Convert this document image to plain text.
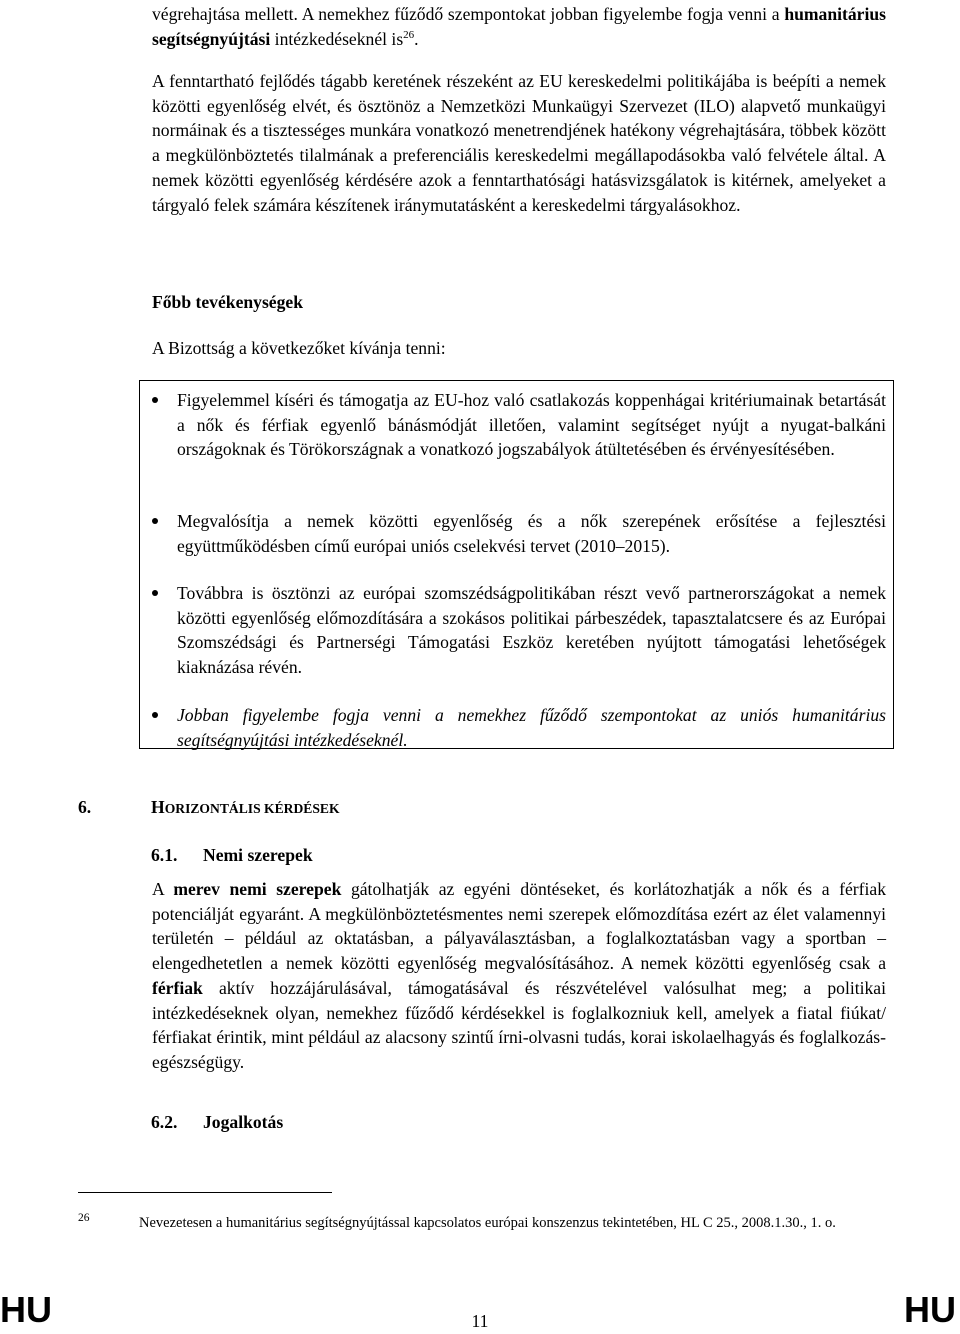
végrehajtása mellett. A nemekhez fűződő szempontokat jobban figyelembe fogja venni a humanitárius segítségnyújtási intézkedéseknél $is^{26}$.

A fenntartható fejlődés tágabb keretének részeként az EU kereskedelmi politikájába is beépíti a nemek közötti egyenlőség elvét, és ösztönöz a Nemzetközi Munkaügyi Szervezet (ILO) alapvető munkaügyi normáinak és a tisztességes munkára vonatkozó menetrendjének hatékony végrehajtására, többek között a megkülönböztetés tilalmának a preferenciális kereskedelmi megállapodásokba való felvétele által. A nemek közötti egyenlőség kérdésére azok a fenntarthatósági hatásvizsgálatok is kitérnek, amelyeket a tárgyaló felek számára készítenek iránymutatásként a kereskedelmi tárgyalásokhoz.

Főbb tevékenységek

A Bizottság a következőket kívánja tenni:

Figyelemmel kíséri és támogatja az EU-hoz való csatlakozás koppenhágai kritériumainak betartását a nők és férfiak egyenlő bánásmódját illetően, valamint segítséget nyújt a nyugat-balkáni országoknak és Törökországnak a vonatkozó jogszabályok átültetésében és érvényesítésében.

Megvalósítja a nemek közötti egyenlőség és a nők szerepének erősítése a fejlesztési együttműködésben című európai uniós cselekvési tervet (2010–2015).

Továbbra is ösztönzi az európai szomszédságpolitikában részt vevő partnerországokat a nemek közötti egyenlőség előmozdítására a szokásos politikai párbeszédek, tapasztalatcsere és az Európai Szomszédsági és Partnerségi Támogatási Eszköz keretében nyújtott támogatási lehetőségek kiaknázása révén.

Jobban figyelembe fogja venni a nemekhez fűződő szempontokat az uniós humanitárius segítségnyújtási intézkedéseknél.

6.	HORIZONTÁLIS KÉRDÉSEK

6.1. Nemi szerepek

A merev nemi szerepek gátolhatják az egyéni döntéseket, és korlátozhatják a nők és a férfiak potenciálját egyaránt. A megkülönböztetésmentes nemi szerepek előmozdítása ezért az élet valamennyi területén – például az oktatásban, a pályaválasztásban, a foglalkoztatásban vagy a sportban – elengedhetetlen a nemek közötti egyenlőség megvalósításához. A nemek közötti egyenlőség csak a férfiak aktív hozzájárulásával, támogatásával és részvételével valósulhat meg; a politikai intézkedéseknek olyan, nemekhez fűződő kérdésekkel is foglalkozniuk kell, amelyek a fiatal fiúkat/ férfiakat érintik, mint például az alacsony szintű írni-olvasni tudás, korai iskolaelhagyás és foglalkozás-egészségügy.

6.2. Jogalkotás

26	Nevezetesen a humanitárius segítségnyújtással kapcsolatos európai konszenzus tekintetében, HL C 25., 2008.1.30., 1. o.

HU	11	HU
